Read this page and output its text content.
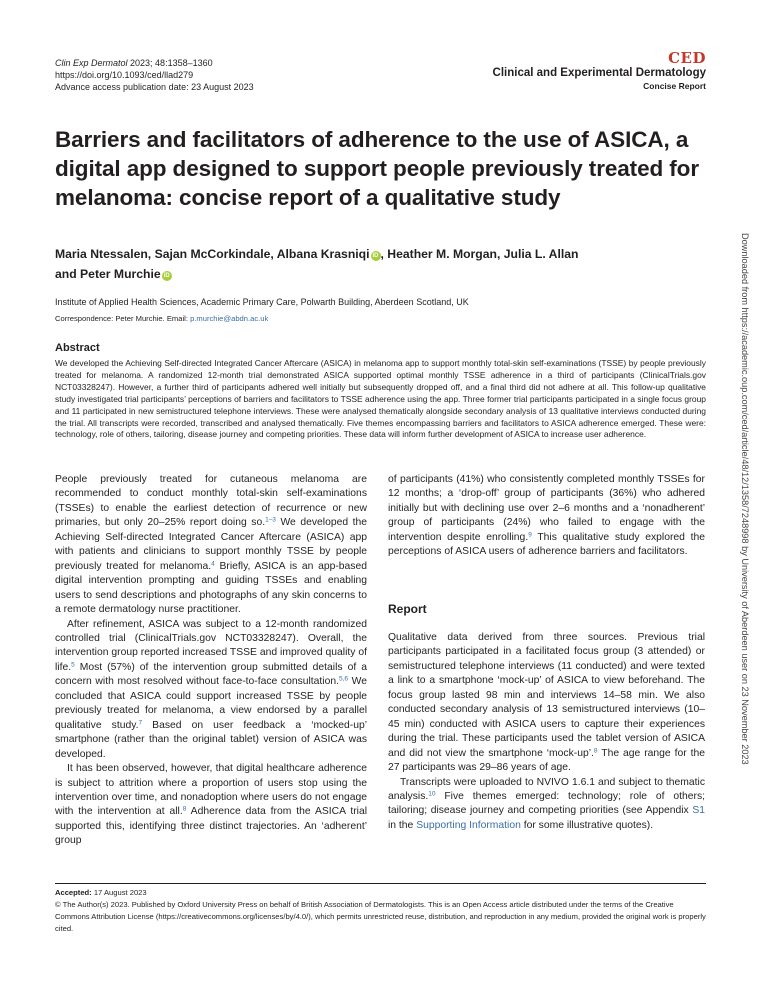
Clin Exp Dermatol 2023; 48:1358–1360
https://doi.org/10.1093/ced/llad279
Advance access publication date: 23 August 2023
CED
Clinical and Experimental Dermatology
Concise Report
Barriers and facilitators of adherence to the use of ASICA, a digital app designed to support people previously treated for melanoma: concise report of a qualitative study
Maria Ntessalen, Sajan McCorkindale, Albana Krasniqi iD , Heather M. Morgan, Julia L. Allan
and Peter Murchie iD
Institute of Applied Health Sciences, Academic Primary Care, Polwarth Building, Aberdeen Scotland, UK
Correspondence: Peter Murchie. Email: p.murchie@abdn.ac.uk
Abstract
We developed the Achieving Self-directed Integrated Cancer Aftercare (ASICA) in melanoma app to support monthly total-skin self-examinations (TSSE) by people previously treated for melanoma. A randomized 12-month trial demonstrated ASICA supported optimal monthly TSSE adherence in a third of participants (ClinicalTrials.gov NCT03328247). However, a further third of participants adhered well initially but subsequently dropped off, and a final third did not adhere at all. This follow-up qualitative study investigated trial participants’ perceptions of barriers and facilitators to TSSE adherence using the app. Three former trial participants participated in a single focus group and 11 participated in new semistructured telephone interviews. These were analysed thematically alongside secondary analysis of 13 qualitative interviews conducted during the trial. All transcripts were recorded, transcribed and analysed thematically. Five themes encompassing barriers and facilitators to ASICA adherence emerged. These were: technology, role of others, tailoring, disease journey and competing priorities. These data will inform further development of ASICA to increase user adherence.

People previously treated for cutaneous melanoma are recommended to conduct monthly total-skin self-examinations (TSSEs) to enable the earliest detection of recurrence or new primaries, but only 20–25% report doing so.$^{1-3}$ We developed the Achieving Self-directed Integrated Cancer Aftercare (ASICA) app with patients and clinicians to support monthly TSSE by people previously treated for melanoma.$^4$ Briefly, ASICA is an app-based digital intervention prompting and guiding TSSEs and enabling users to send descriptions and photographs of any skin concerns to a remote dermatology nurse practitioner.

After refinement, ASICA was subject to a 12-month randomized controlled trial (ClinicalTrials.gov NCT03328247). Overall, the intervention group reported increased TSSE and improved quality of life.$^5$ Most (57%) of the intervention group submitted details of a concern with most resolved without face-to-face consultation.$^{5,6}$ We concluded that ASICA could support increased TSSE by people previously treated for melanoma, a view endorsed by a parallel qualitative study.$^7$ Based on user feedback a ‘mocked-up’ smartphone (rather than the original tablet) version of ASICA was developed.

It has been observed, however, that digital healthcare adherence is subject to attrition where a proportion of users stop using the intervention over time, and nonadoption where users do not engage with the intervention at all.$^8$ Adherence data from the ASICA trial supported this, identifying three distinct trajectories. An ‘adherent’ group

of participants (41%) who consistently completed monthly TSSEs for 12 months; a ‘drop-off’ group of participants (36%) who adhered initially but with declining use over 2–6 months and a ‘nonadherent’ group of participants (24%) who failed to engage with the intervention despite enrolling.$^9$ This qualitative study explored the perceptions of ASICA users of adherence barriers and facilitators.

Report

Qualitative data derived from three sources. Previous trial participants participated in a facilitated focus group (3 attended) or semistructured telephone interviews (11 conducted) and were texted a link to a smartphone ‘mock-up’ of ASICA to view beforehand. The focus group lasted 98 min and interviews 14–58 min. We also conducted secondary analysis of 13 semistructured interviews (10–45 min) conducted with ASICA users to capture their experiences during the trial. These participants used the tablet version of ASICA and did not view the smartphone ‘mock-up’.$^8$ The age range for the 27 participants was 29–86 years of age.

Transcripts were uploaded to NVIVO 1.6.1 and subject to thematic analysis.$^{10}$ Five themes emerged: technology; role of others; tailoring; disease journey and competing priorities (see Appendix S1 in the Supporting Information for some illustrative quotes).

Accepted: 17 August 2023
© The Author(s) 2023. Published by Oxford University Press on behalf of British Association of Dermatologists. This is an Open Access article distributed under the terms of the Creative Commons Attribution License (https://creativecommons.org/licenses/by/4.0/), which permits unrestricted reuse, distribution, and reproduction in any medium, provided the original work is properly cited.
Downloaded from https://academic.oup.com/ced/article/48/12/1358/7248998 by University of Aberdeen user on 23 November 2023
